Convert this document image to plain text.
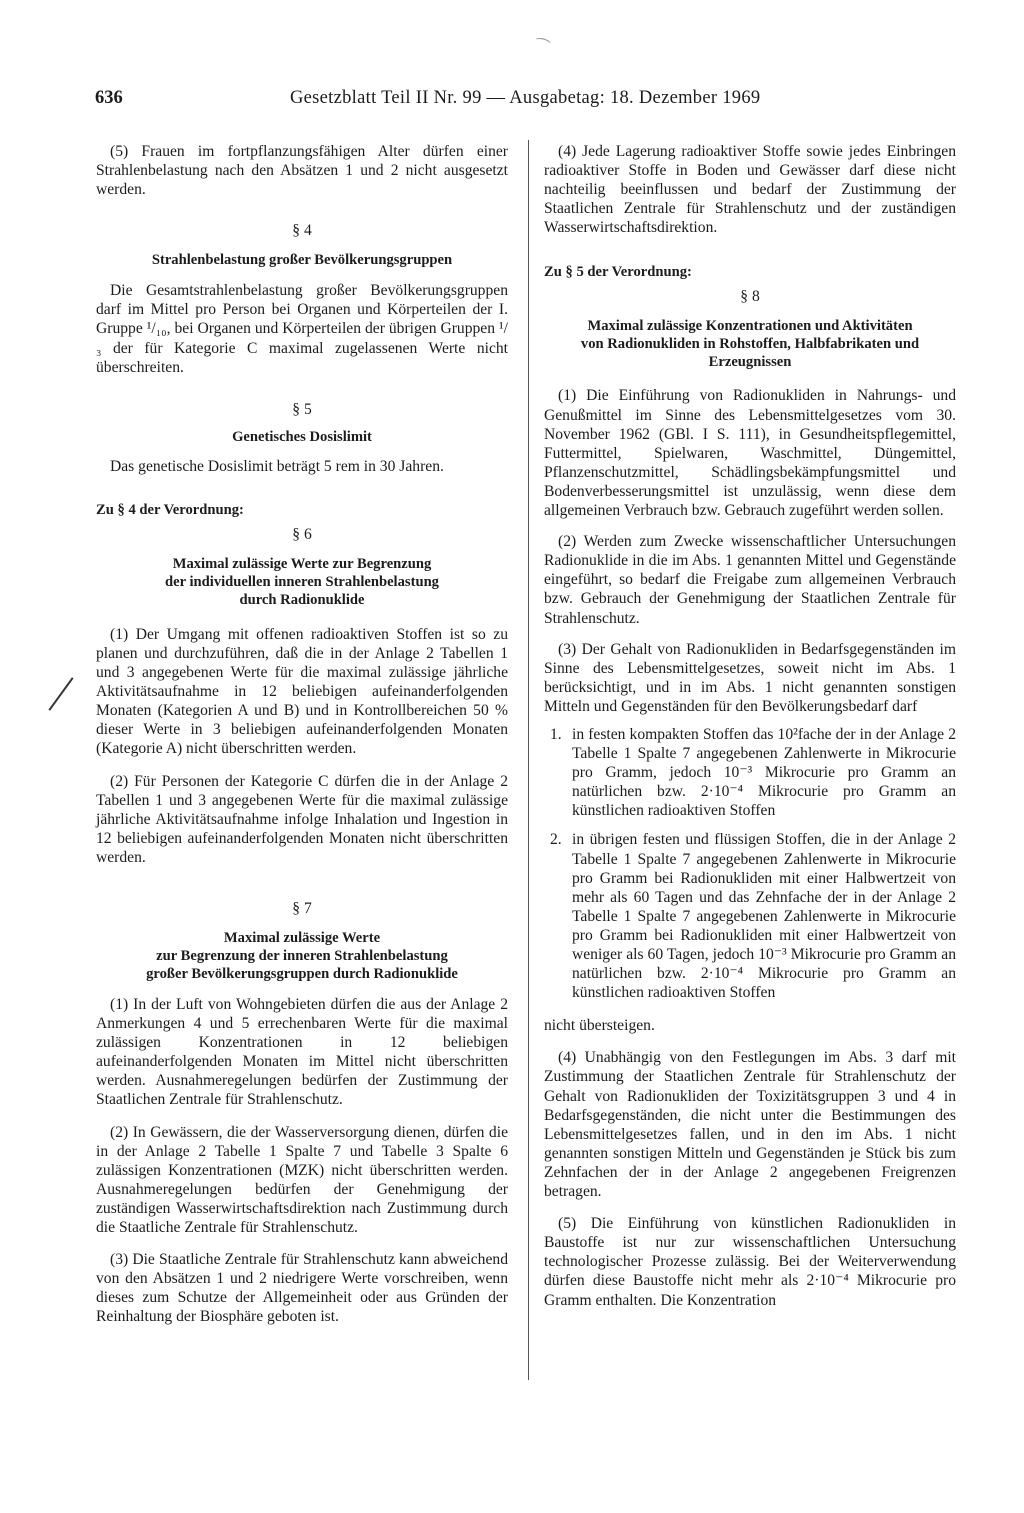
⁀
636	Gesetzblatt Teil II Nr. 99 — Ausgabetag: 18. Dezember 1969

(5) Frauen im fortpflanzungsfähigen Alter dürfen einer Strahlenbelastung nach den Absätzen 1 und 2 nicht ausgesetzt werden.

§ 4

Strahlenbelastung großer Bevölkerungsgruppen

Die Gesamtstrahlenbelastung großer Bevölkerungsgruppen darf im Mittel pro Person bei Organen und Körperteilen der I. Gruppe ¹/₁₀, bei Organen und Körperteilen der übrigen Gruppen ¹/₃ der für Kategorie C maximal zugelassenen Werte nicht überschreiten.

§ 5

Genetisches Dosislimit

Das genetische Dosislimit beträgt 5 rem in 30 Jahren.

Zu § 4 der Verordnung:

§ 6

Maximal zulässige Werte zur Begrenzung

der individuellen inneren Strahlenbelastung

durch Radionuklide

(1) Der Umgang mit offenen radioaktiven Stoffen ist so zu planen und durchzuführen, daß die in der Anlage 2 Tabellen 1 und 3 angegebenen Werte für die maximal zulässige jährliche Aktivitätsaufnahme in 12 beliebigen aufeinanderfolgenden Monaten (Kategorien A und B) und in Kontrollbereichen 50 % dieser Werte in 3 beliebigen aufeinanderfolgenden Monaten (Kategorie A) nicht überschritten werden.

(2) Für Personen der Kategorie C dürfen die in der Anlage 2 Tabellen 1 und 3 angegebenen Werte für die maximal zulässige jährliche Aktivitätsaufnahme infolge Inhalation und Ingestion in 12 beliebigen aufeinanderfolgenden Monaten nicht überschritten werden.

§ 7

Maximal zulässige Werte

zur Begrenzung der inneren Strahlenbelastung

großer Bevölkerungsgruppen durch Radionuklide

(1) In der Luft von Wohngebieten dürfen die aus der Anlage 2 Anmerkungen 4 und 5 errechenbaren Werte für die maximal zulässigen Konzentrationen in 12 beliebigen aufeinanderfolgenden Monaten im Mittel nicht überschritten werden. Ausnahmeregelungen bedürfen der Zustimmung der Staatlichen Zentrale für Strahlenschutz.

(2) In Gewässern, die der Wasserversorgung dienen, dürfen die in der Anlage 2 Tabelle 1 Spalte 7 und Tabelle 3 Spalte 6 zulässigen Konzentrationen (MZK) nicht überschritten werden. Ausnahmeregelungen bedürfen der Genehmigung der zuständigen Wasserwirtschaftsdirektion nach Zustimmung durch die Staatliche Zentrale für Strahlenschutz.

(3) Die Staatliche Zentrale für Strahlenschutz kann abweichend von den Absätzen 1 und 2 niedrigere Werte vorschreiben, wenn dieses zum Schutze der Allgemeinheit oder aus Gründen der Reinhaltung der Biosphäre geboten ist.

(4) Jede Lagerung radioaktiver Stoffe sowie jedes Einbringen radioaktiver Stoffe in Boden und Gewässer darf diese nicht nachteilig beeinflussen und bedarf der Zustimmung der Staatlichen Zentrale für Strahlenschutz und der zuständigen Wasserwirtschaftsdirektion.

Zu § 5 der Verordnung:

§ 8

Maximal zulässige Konzentrationen und Aktivitäten

von Radionukliden in Rohstoffen, Halbfabrikaten und

Erzeugnissen

(1) Die Einführung von Radionukliden in Nahrungs- und Genußmittel im Sinne des Lebensmittelgesetzes vom 30. November 1962 (GBl. I S. 111), in Gesundheitspflegemittel, Futtermittel, Spielwaren, Waschmittel, Düngemittel, Pflanzenschutzmittel, Schädlingsbekämpfungsmittel und Bodenverbesserungsmittel ist unzulässig, wenn diese dem allgemeinen Verbrauch bzw. Gebrauch zugeführt werden sollen.

(2) Werden zum Zwecke wissenschaftlicher Untersuchungen Radionuklide in die im Abs. 1 genannten Mittel und Gegenstände eingeführt, so bedarf die Freigabe zum allgemeinen Verbrauch bzw. Gebrauch der Genehmigung der Staatlichen Zentrale für Strahlenschutz.

(3) Der Gehalt von Radionukliden in Bedarfsgegenständen im Sinne des Lebensmittelgesetzes, soweit nicht im Abs. 1 berücksichtigt, und in im Abs. 1 nicht genannten sonstigen Mitteln und Gegenständen für den Bevölkerungsbedarf darf

1. in festen kompakten Stoffen das 10²fache der in der Anlage 2 Tabelle 1 Spalte 7 angegebenen Zahlenwerte in Mikrocurie pro Gramm, jedoch 10⁻³ Mikrocurie pro Gramm an natürlichen bzw. 2·10⁻⁴ Mikrocurie pro Gramm an künstlichen radioaktiven Stoffen
2. in übrigen festen und flüssigen Stoffen, die in der Anlage 2 Tabelle 1 Spalte 7 angegebenen Zahlenwerte in Mikrocurie pro Gramm bei Radionukliden mit einer Halbwertzeit von mehr als 60 Tagen und das Zehnfache der in der Anlage 2 Tabelle 1 Spalte 7 angegebenen Zahlenwerte in Mikrocurie pro Gramm bei Radionukliden mit einer Halbwertzeit von weniger als 60 Tagen, jedoch 10⁻³ Mikrocurie pro Gramm an natürlichen bzw. 2·10⁻⁴ Mikrocurie pro Gramm an künstlichen radioaktiven Stoffen

nicht übersteigen.

(4) Unabhängig von den Festlegungen im Abs. 3 darf mit Zustimmung der Staatlichen Zentrale für Strahlenschutz der Gehalt von Radionukliden der Toxizitätsgruppen 3 und 4 in Bedarfsgegenständen, die nicht unter die Bestimmungen des Lebensmittelgesetzes fallen, und in den im Abs. 1 nicht genannten sonstigen Mitteln und Gegenständen je Stück bis zum Zehnfachen der in der Anlage 2 angegebenen Freigrenzen betragen.

(5) Die Einführung von künstlichen Radionukliden in Baustoffe ist nur zur wissenschaftlichen Untersuchung technologischer Prozesse zulässig. Bei der Weiterverwendung dürfen diese Baustoffe nicht mehr als 2·10⁻⁴ Mikrocurie pro Gramm enthalten. Die Konzentration
